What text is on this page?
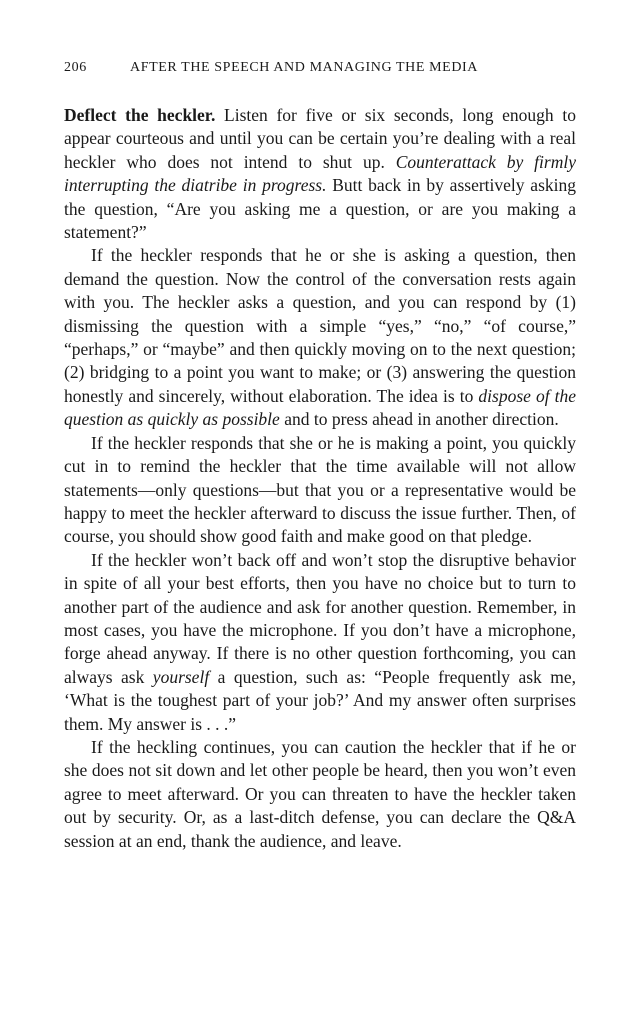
206	AFTER THE SPEECH AND MANAGING THE MEDIA

Deflect the heckler. Listen for five or six seconds, long enough to appear courteous and until you can be certain you’re dealing with a real heckler who does not intend to shut up. Counterattack by firmly interrupting the diatribe in progress. Butt back in by assertively asking the question, “Are you asking me a question, or are you making a statement?”

If the heckler responds that he or she is asking a question, then demand the question. Now the control of the conversation rests again with you. The heckler asks a question, and you can respond by (1) dismissing the question with a simple “yes,” “no,” “of course,” “perhaps,” or “maybe” and then quickly moving on to the next question; (2) bridging to a point you want to make; or (3) answering the question honestly and sincerely, without elaboration. The idea is to dispose of the question as quickly as possible and to press ahead in another direction.

If the heckler responds that she or he is making a point, you quickly cut in to remind the heckler that the time available will not allow statements—only questions—but that you or a representative would be happy to meet the heckler afterward to discuss the issue further. Then, of course, you should show good faith and make good on that pledge.

If the heckler won’t back off and won’t stop the disruptive behavior in spite of all your best efforts, then you have no choice but to turn to another part of the audience and ask for another question. Remember, in most cases, you have the microphone. If you don’t have a microphone, forge ahead anyway. If there is no other question forthcoming, you can always ask yourself a question, such as: “People frequently ask me, ‘What is the toughest part of your job?’ And my answer often surprises them. My answer is . . .”

If the heckling continues, you can caution the heckler that if he or she does not sit down and let other people be heard, then you won’t even agree to meet afterward. Or you can threaten to have the heckler taken out by security. Or, as a last-ditch defense, you can declare the Q&A session at an end, thank the audience, and leave.
